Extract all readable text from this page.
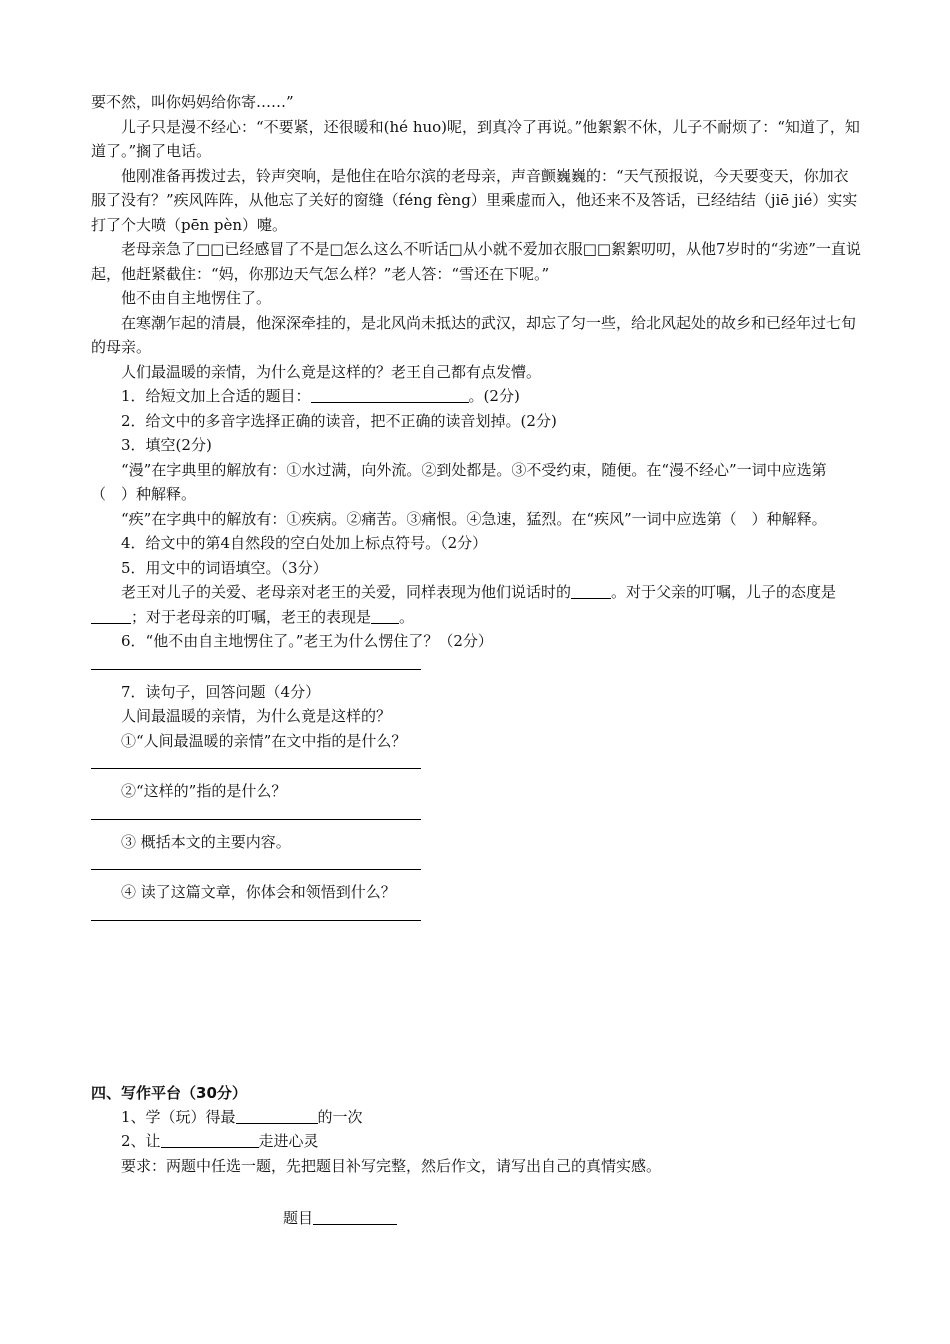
要不然，叫你妈妈给你寄……”

儿子只是漫不经心：“不要紧，还很暖和(hé huo)呢，到真冷了再说。”他絮絮不休，儿子不耐烦了：“知道了，知道了。”搁了电话。

他刚准备再拨过去，铃声突响，是他住在哈尔滨的老母亲，声音颤巍巍的：“天气预报说，今天要变天，你加衣服了没有？”疾风阵阵，从他忘了关好的窗缝（féng fèng）里乘虚而入，他还来不及答话，已经结结（jiē jié）实实打了个大喷（pēn pèn）嚏。

老母亲急了□□已经感冒了不是□怎么这么不听话□从小就不爱加衣服□□絮絮叨叨，从他7岁时的“劣迹”一直说起，他赶紧截住：“妈，你那边天气怎么样？”老人答：“雪还在下呢。”

他不由自主地愣住了。

在寒潮乍起的清晨，他深深牵挂的，是北风尚未抵达的武汉，却忘了匀一些，给北风起处的故乡和已经年过七旬的母亲。

人们最温暖的亲情，为什么竟是这样的？老王自己都有点发懵。

1．给短文加上合适的题目：	。(2分)

2．给文中的多音字选择正确的读音，把不正确的读音划掉。(2分)

3．填空(2分)

“漫”在字典里的解放有：①水过满，向外流。②到处都是。③不受约束，随便。在“漫不经心”一词中应选第（　）种解释。

“疾”在字典中的解放有：①疾病。②痛苦。③痛恨。④急速，猛烈。在“疾风”一词中应选第（　）种解释。

4．给文中的第4自然段的空白处加上标点符号。（2分）

5．用文中的词语填空。（3分）

老王对儿子的关爱、老母亲对老王的关爱，同样表现为他们说话时的	。对于父亲的叮嘱，儿子的态度是；对于老母亲的叮嘱，老王的表现是 。

6．“他不由自主地愣住了。”老王为什么愣住了？（2分）

7．读句子，回答问题（4分）

人间最温暖的亲情，为什么竟是这样的？

①“人间最温暖的亲情”在文中指的是什么？

②“这样的”指的是什么？

③ 概括本文的主要内容。

④ 读了这篇文章，你体会和领悟到什么？

四、写作平台（30分）

1、学（玩）得最	的一次

2、让	走进心灵

要求：两题中任选一题，先把题目补写完整，然后作文，请写出自己的真情实感。

题目
